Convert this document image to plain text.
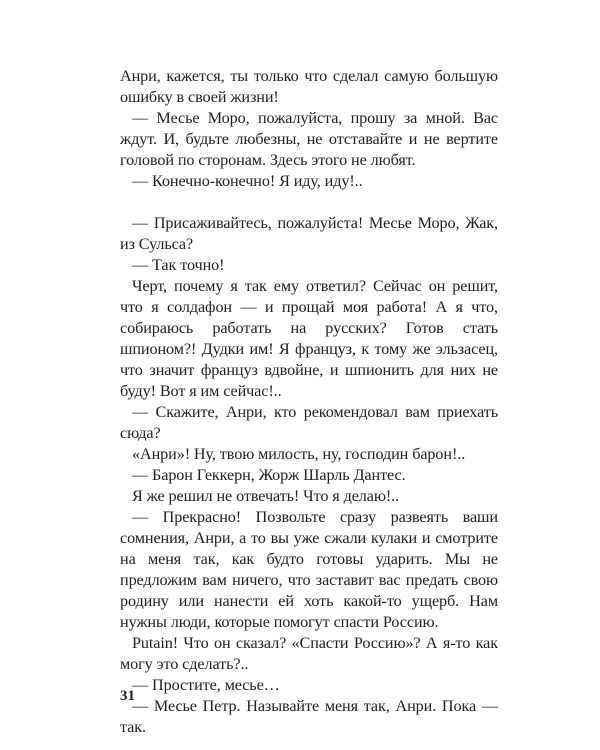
Анри, кажется, ты только что сделал самую большую ошибку в своей жизни!

— Месье Моро, пожалуйста, прошу за мной. Вас ждут. И, будьте любезны, не отставайте и не вертите головой по сторонам. Здесь этого не любят.

— Конечно-конечно! Я иду, иду!..

— Присаживайтесь, пожалуйста! Месье Моро, Жак, из Сульса?

— Так точно!

Черт, почему я так ему ответил? Сейчас он решит, что я солдафон — и прощай моя работа! А я что, собираюсь работать на русских? Готов стать шпионом?! Дудки им! Я француз, к тому же эльзасец, что значит француз вдвойне, и шпионить для них не буду! Вот я им сейчас!..

— Скажите, Анри, кто рекомендовал вам приехать сюда?

«Анри»! Ну, твою милость, ну, господин барон!..

— Барон Геккерн, Жорж Шарль Дантес.

Я же решил не отвечать! Что я делаю!..

— Прекрасно! Позвольте сразу развеять ваши сомнения, Анри, а то вы уже сжали кулаки и смотрите на меня так, как будто готовы ударить. Мы не предложим вам ничего, что заставит вас предать свою родину или нанести ей хоть какой-то ущерб. Нам нужны люди, которые помогут спасти Россию.

Putain! Что он сказал? «Спасти Россию»? А я-то как могу это сделать?..

— Простите, месье…

— Месье Петр. Называйте меня так, Анри. Пока — так.

31
